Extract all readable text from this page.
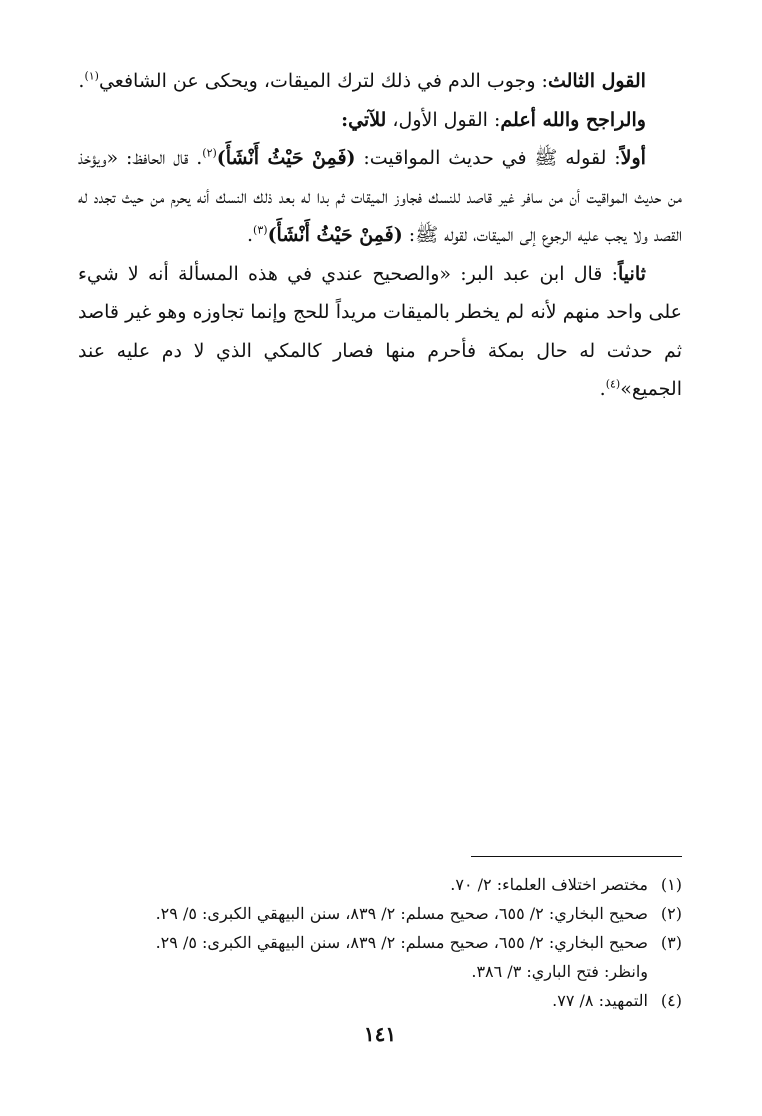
القول الثالث: وجوب الدم في ذلك لترك الميقات، ويحكى عن الشافعي$^{(١)}$.

والراجح والله أعلم: القول الأول، للآتي:

أولاً: لقوله ﷺ في حديث المواقيت: (فَمِنْ حَيْثُ أَنْشَأَ)$^{(٢)}$. قال الحافظ: «ويؤخذ من حديث المواقيت أن من سافر غير قاصد للنسك فجاوز الميقات ثم بدا له بعد ذلك النسك أنه يحرم من حيث تجدد له القصد ولا يجب عليه الرجوع إلى الميقات، لقوله ﷺ: (فَمِنْ حَيْثُ أَنْشَأَ)$^{(٣)}$.

ثانياً: قال ابن عبد البر: «والصحيح عندي في هذه المسألة أنه لا شيء على واحد منهم لأنه لم يخطر بالميقات مريداً للحج وإنما تجاوزه وهو غير قاصد ثم حدثت له حال بمكة فأحرم منها فصار كالمكي الذي لا دم عليه عند الجميع»$^{(٤)}$.

(١)
مختصر اختلاف العلماء: ٢/ ٧٠.
(٢)
صحيح البخاري: ٢/ ٦٥٥، صحيح مسلم: ٢/ ٨٣٩، سنن البيهقي الكبرى: ٥/ ٢٩.
(٣)
صحيح البخاري: ٢/ ٦٥٥، صحيح مسلم: ٢/ ٨٣٩، سنن البيهقي الكبرى: ٥/ ٢٩.
وانظر: فتح الباري: ٣/ ٣٨٦.
(٤)
التمهيد: ٨/ ٧٧.
١٤١
